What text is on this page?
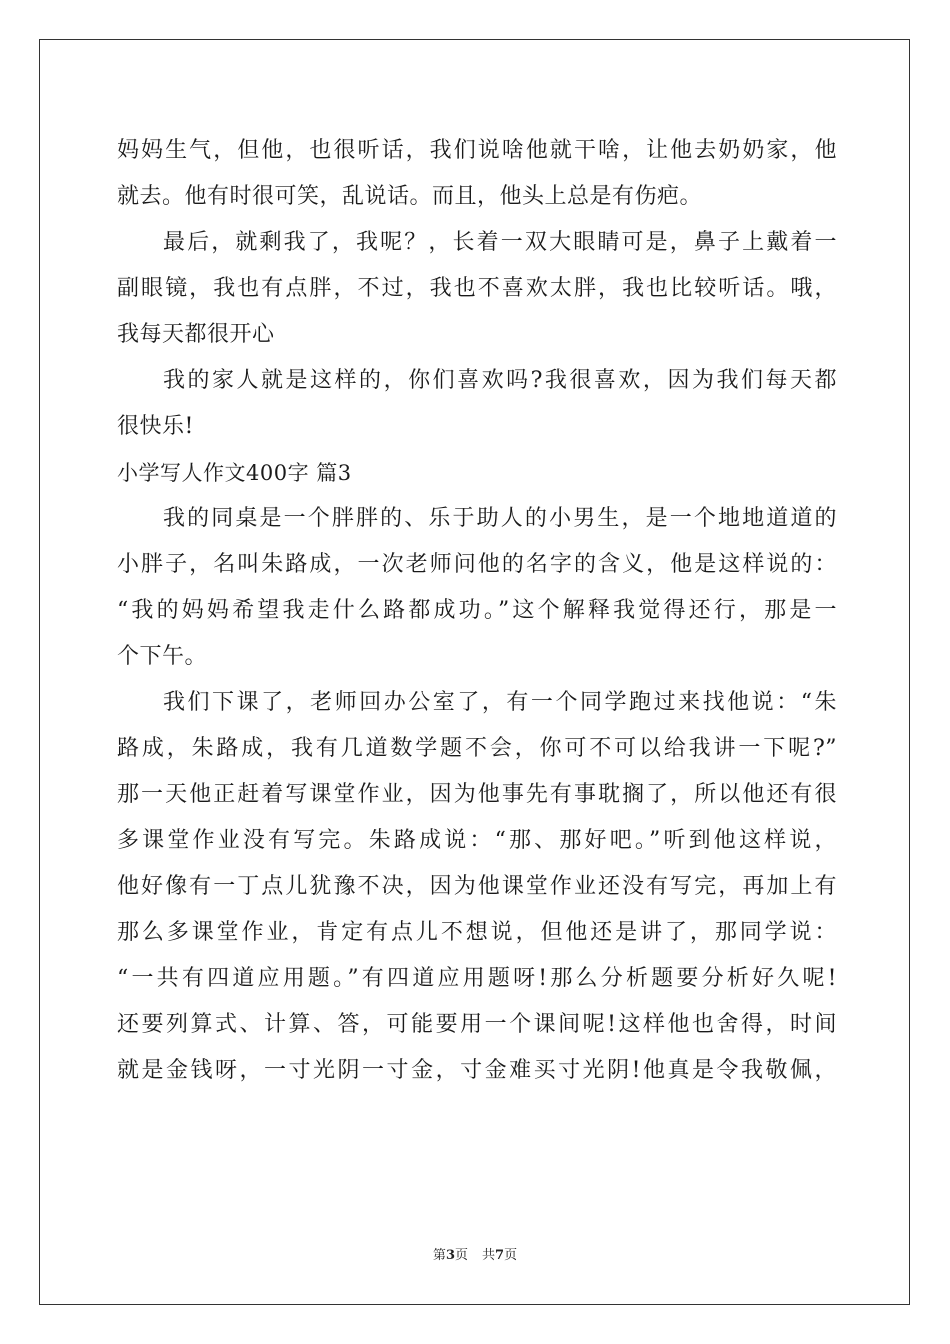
妈妈生气，但他，也很听话，我们说啥他就干啥，让他去奶奶家，他
就去。他有时很可笑，乱说话。而且，他头上总是有伤疤。
最后，就剩我了，我呢？，长着一双大眼睛可是，鼻子上戴着一
副眼镜，我也有点胖，不过，我也不喜欢太胖，我也比较听话。哦，
我每天都很开心
我的家人就是这样的，你们喜欢吗?我很喜欢，因为我们每天都
很快乐!
小学写人作文400字 篇3
我的同桌是一个胖胖的、乐于助人的小男生，是一个地地道道的
小胖子，名叫朱路成，一次老师问他的名字的含义，他是这样说的：
“我的妈妈希望我走什么路都成功。”这个解释我觉得还行，那是一
个下午。
我们下课了，老师回办公室了，有一个同学跑过来找他说：“朱
路成，朱路成，我有几道数学题不会，你可不可以给我讲一下呢?”
那一天他正赶着写课堂作业，因为他事先有事耽搁了，所以他还有很
多课堂作业没有写完。朱路成说：“那、那好吧。”听到他这样说，
他好像有一丁点儿犹豫不决，因为他课堂作业还没有写完，再加上有
那么多课堂作业，肯定有点儿不想说，但他还是讲了，那同学说：
“一共有四道应用题。”有四道应用题呀!那么分析题要分析好久呢!
还要列算式、计算、答，可能要用一个课间呢!这样他也舍得，时间
就是金钱呀，一寸光阴一寸金，寸金难买寸光阴!他真是令我敬佩，
第3页 共7页
